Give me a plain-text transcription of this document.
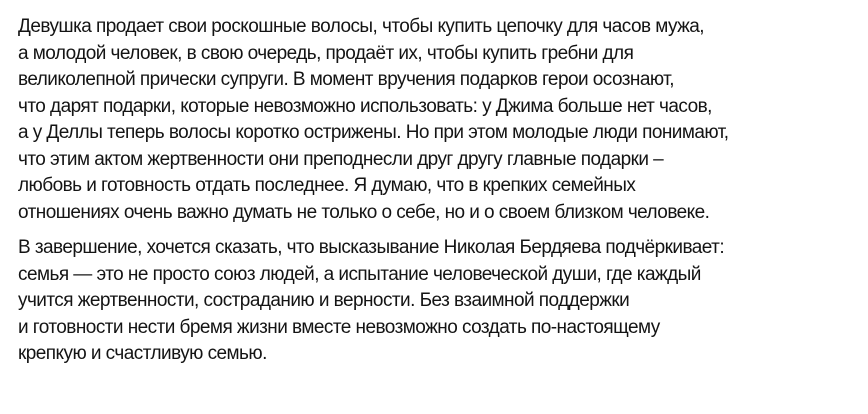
Девушка продает свои роскошные волосы, чтобы купить цепочку для часов мужа,
а молодой человек, в свою очередь, продаёт их, чтобы купить гребни для
великолепной прически супруги. В момент вручения подарков герои осознают,
что дарят подарки, которые невозможно использовать: у Джима больше нет часов,
а у Деллы теперь волосы коротко острижены. Но при этом молодые люди понимают,
что этим актом жертвенности они преподнесли друг другу главные подарки –
любовь и готовность отдать последнее. Я думаю, что в крепких семейных
отношениях очень важно думать не только о себе, но и о своем близком человеке.

В завершение, хочется сказать, что высказывание Николая Бердяева подчёркивает:
семья — это не просто союз людей, а испытание человеческой души, где каждый
учится жертвенности, состраданию и верности. Без взаимной поддержки
и готовности нести бремя жизни вместе невозможно создать по-настоящему
крепкую и счастливую семью.
